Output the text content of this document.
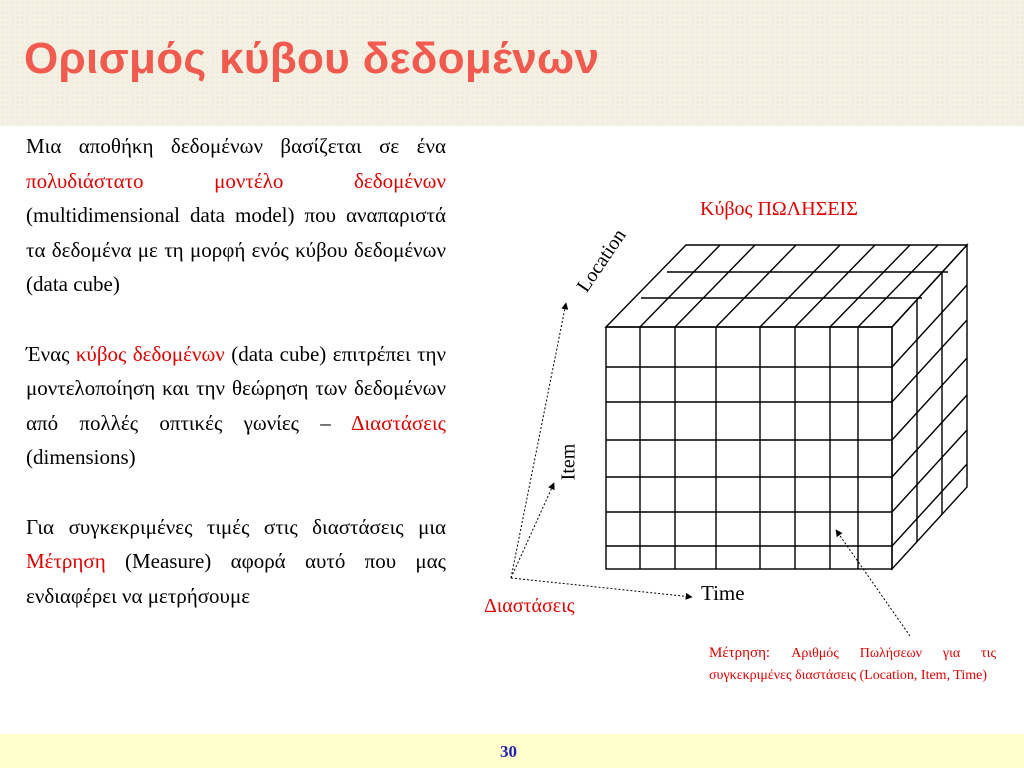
Ορισμός κύβου δεδομένων

Μια αποθήκη δεδομένων βασίζεται σε ένα πολυδιάστατο μοντέλο δεδομένων (multidimensional data model) που αναπαριστά τα δεδομένα με τη μορφή ενός κύβου δεδομένων (data cube)

Ένας κύβος δεδομένων (data cube) επιτρέπει την μοντελοποίηση και την θεώρηση των δεδομένων από πολλές οπτικές γωνίες – Διαστάσεις (dimensions)

Για συγκεκριμένες τιμές στις διαστάσεις μια Μέτρηση (Measure) αφορά αυτό που μας ενδιαφέρει να μετρήσουμε

Κύβος ΠΩΛΗΣΕΙΣ
Location
Item
Time
Διαστάσεις
Μέτρηση: Αριθμός Πωλήσεων για τις συγκεκριμένες διαστάσεις (Location, Item, Time)
30
